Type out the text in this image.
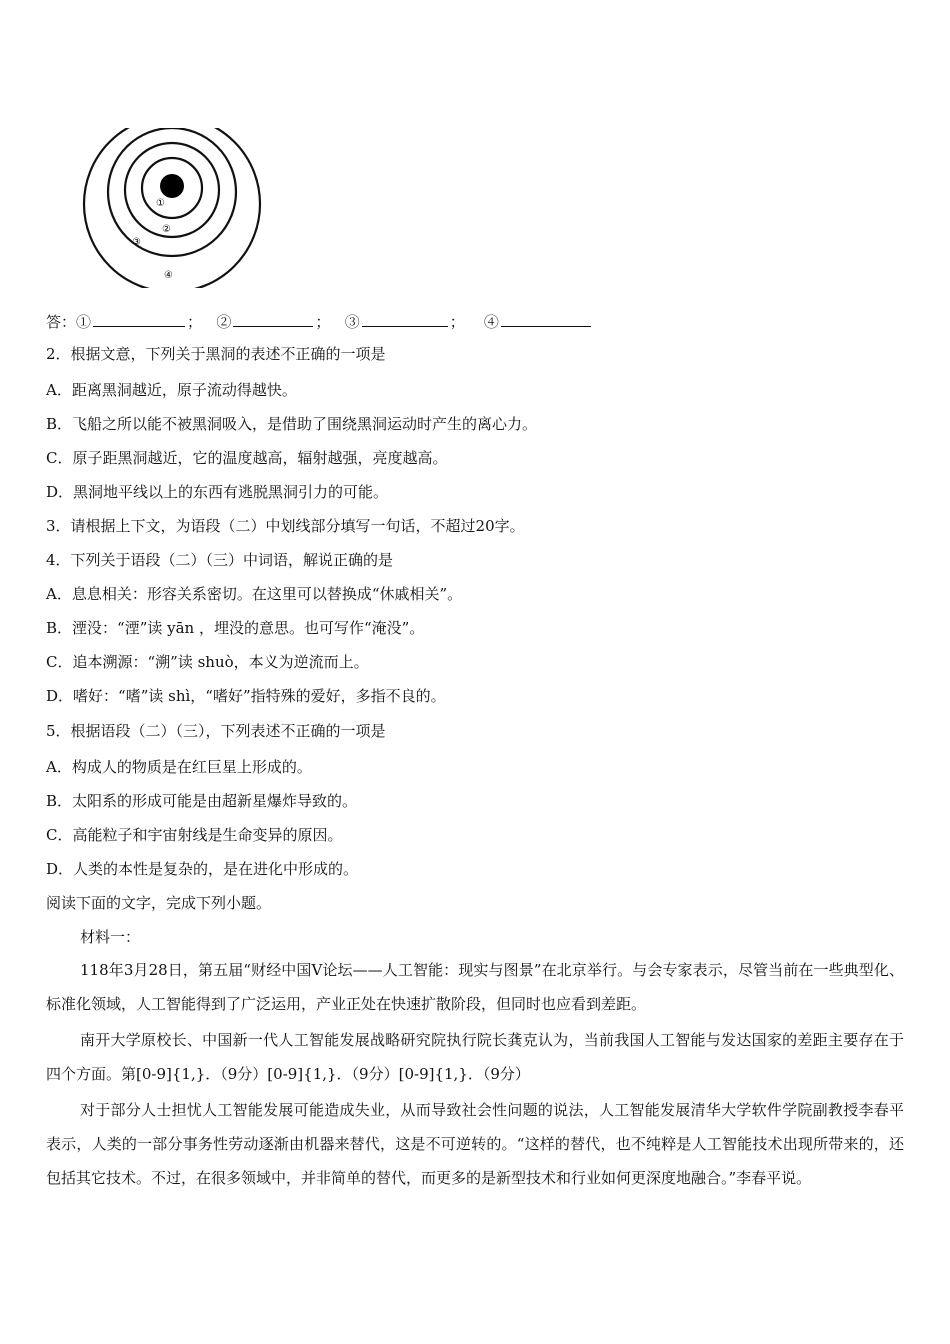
①
②
③
④
答：①	； ②	； ③	； ④
2．根据文意，下列关于黑洞的表述不正确的一项是
A．距离黑洞越近，原子流动得越快。
B．飞船之所以能不被黑洞吸入，是借助了围绕黑洞运动时产生的离心力。
C．原子距黑洞越近，它的温度越高，辐射越强，亮度越高。
D．黑洞地平线以上的东西有逃脱黑洞引力的可能。
3．请根据上下文，为语段（二）中划线部分填写一句话，不超过20字。
4．下列关于语段（二）（三）中词语，解说正确的是
A．息息相关：形容关系密切。在这里可以替换成“休戚相关”。
B．湮没：“湮”读 yān ，埋没的意思。也可写作“淹没”。
C．追本溯源：“溯”读 shuò，本义为逆流而上。
D．嗜好：“嗜”读 shì，“嗜好”指特殊的爱好，多指不良的。
5．根据语段（二）（三），下列表述不正确的一项是
A．构成人的物质是在红巨星上形成的。
B．太阳系的形成可能是由超新星爆炸导致的。
C．高能粒子和宇宙射线是生命变异的原因。
D．人类的本性是复杂的，是在进化中形成的。
阅读下面的文字，完成下列小题。
材料一：
118年3月28日，第五届“财经中国V论坛——人工智能：现实与图景”在北京举行。与会专家表示，尽管当前在一些典型化、标准化领域，人工智能得到了广泛运用，产业正处在快速扩散阶段，但同时也应看到差距。
南开大学原校长、中国新一代人工智能发展战略研究院执行院长龚克认为，当前我国人工智能与发达国家的差距主要存在于四个方面。第[0-9]{1,}．（9分）[0-9]{1,}．（9分）[0-9]{1,}．（9分）
对于部分人士担忧人工智能发展可能造成失业，从而导致社会性问题的说法，人工智能发展清华大学软件学院副教授李春平表示，人类的一部分事务性劳动逐渐由机器来替代，这是不可逆转的。“这样的替代，也不纯粹是人工智能技术出现所带来的，还包括其它技术。不过，在很多领域中，并非简单的替代，而更多的是新型技术和行业如何更深度地融合。”李春平说。
